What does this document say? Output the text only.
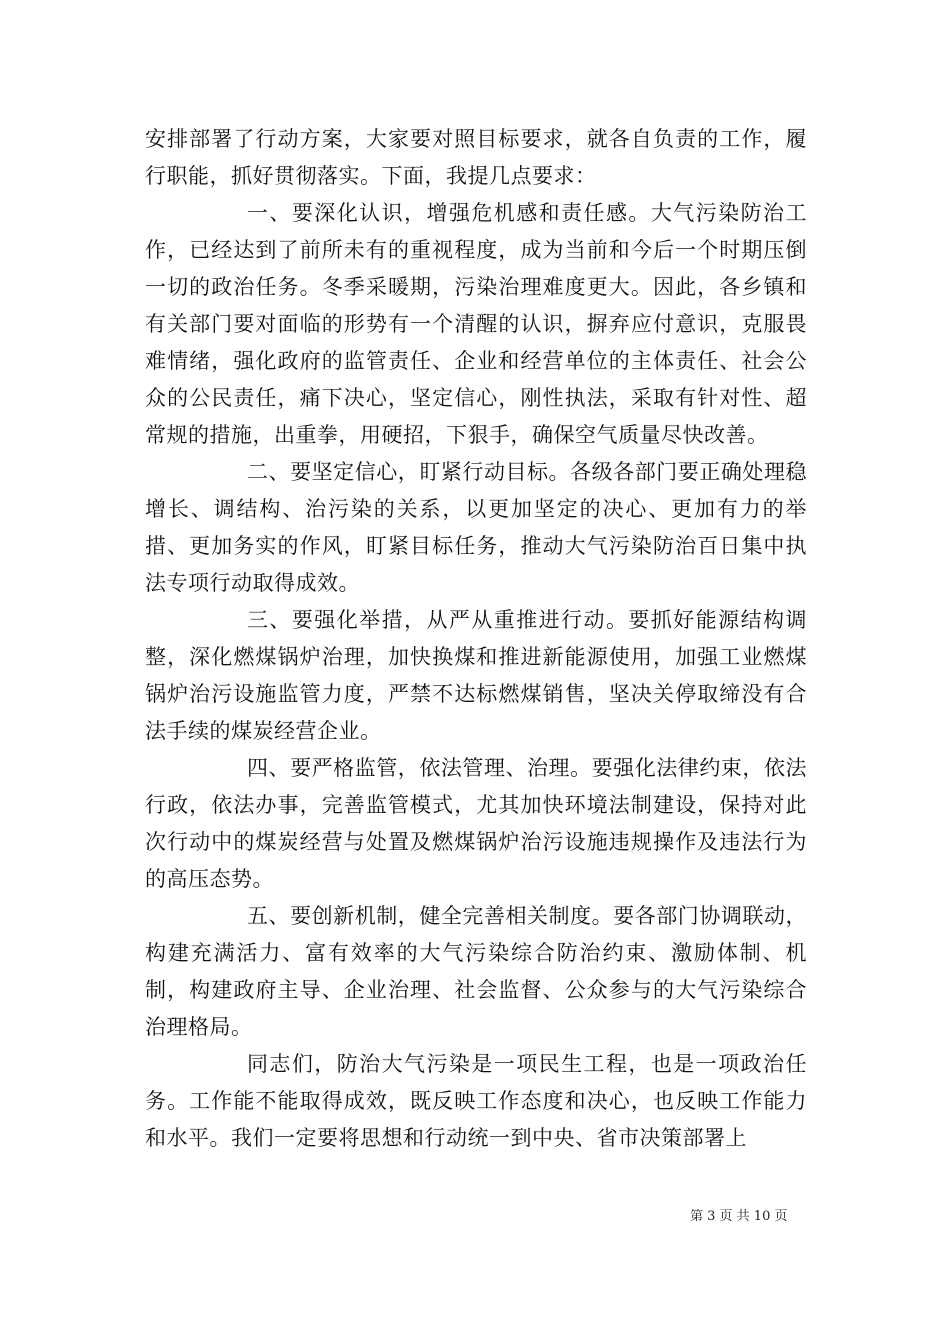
安排部署了行动方案，大家要对照目标要求，就各自负责的工作，履行职能，抓好贯彻落实。下面，我提几点要求：

一、要深化认识，增强危机感和责任感。大气污染防治工作，已经达到了前所未有的重视程度，成为当前和今后一个时期压倒一切的政治任务。冬季采暖期，污染治理难度更大。因此，各乡镇和有关部门要对面临的形势有一个清醒的认识，摒弃应付意识，克服畏难情绪，强化政府的监管责任、企业和经营单位的主体责任、社会公众的公民责任，痛下决心，坚定信心，刚性执法，采取有针对性、超常规的措施，出重拳，用硬招，下狠手，确保空气质量尽快改善。

二、要坚定信心，盯紧行动目标。各级各部门要正确处理稳增长、调结构、治污染的关系，以更加坚定的决心、更加有力的举措、更加务实的作风，盯紧目标任务，推动大气污染防治百日集中执法专项行动取得成效。

三、要强化举措，从严从重推进行动。要抓好能源结构调整，深化燃煤锅炉治理，加快换煤和推进新能源使用，加强工业燃煤锅炉治污设施监管力度，严禁不达标燃煤销售，坚决关停取缔没有合法手续的煤炭经营企业。

四、要严格监管，依法管理、治理。要强化法律约束，依法行政，依法办事，完善监管模式，尤其加快环境法制建设，保持对此次行动中的煤炭经营与处置及燃煤锅炉治污设施违规操作及违法行为的高压态势。

五、要创新机制，健全完善相关制度。要各部门协调联动，构建充满活力、富有效率的大气污染综合防治约束、激励体制、机制，构建政府主导、企业治理、社会监督、公众参与的大气污染综合治理格局。

同志们，防治大气污染是一项民生工程，也是一项政治任务。工作能不能取得成效，既反映工作态度和决心，也反映工作能力和水平。我们一定要将思想和行动统一到中央、省市决策部署上

第 3 页 共 10 页
